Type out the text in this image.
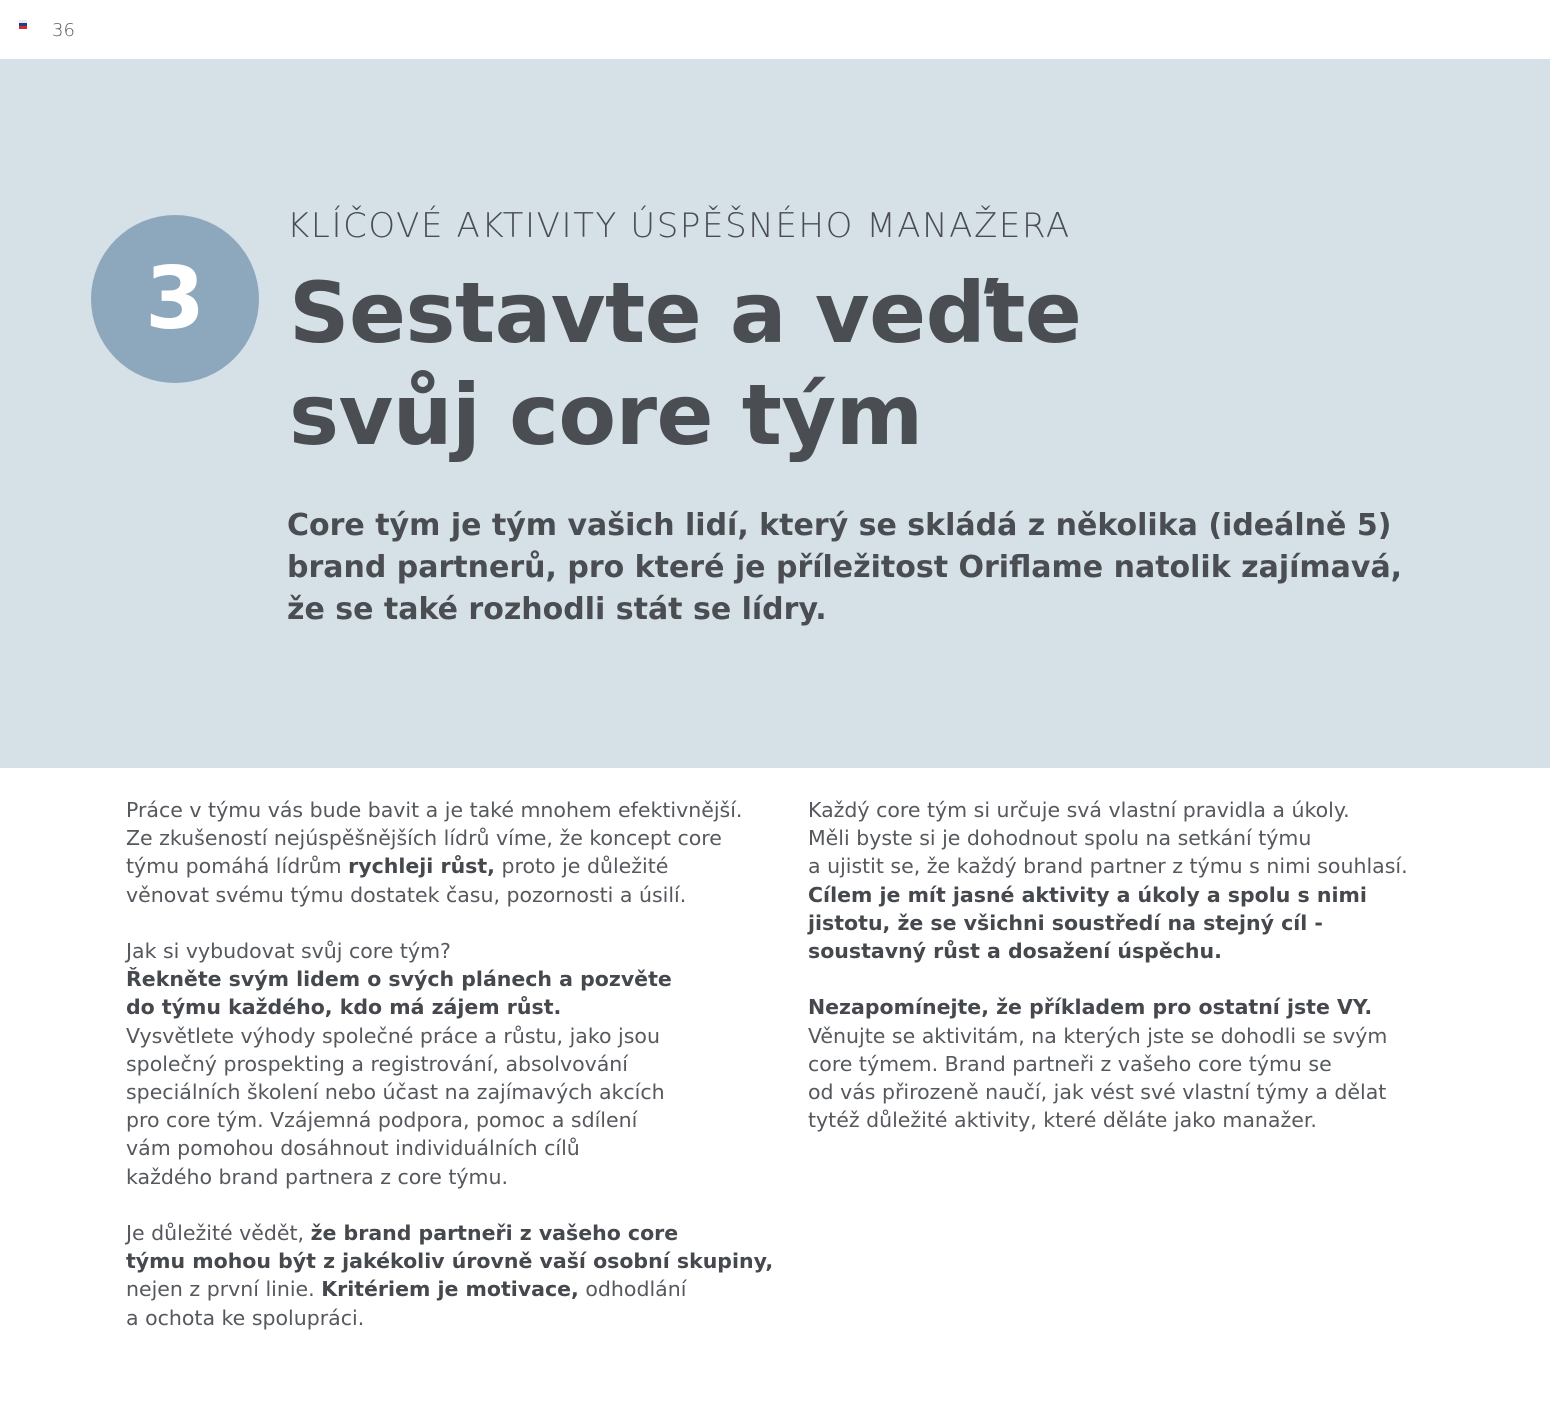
36
3
KLÍČOVÉ AKTIVITY ÚSPĚŠNÉHO MANAŽERA
Sestavte a veďte
svůj core tým

Core tým je tým vašich lidí, který se skládá z několika (ideálně 5)
brand partnerů, pro které je příležitost Oriflame natolik zajímavá,
že se také rozhodli stát se lídry.

Práce v týmu vás bude bavit a je také mnohem efektivnější.
Ze zkušeností nejúspěšnějších lídrů víme, že koncept core
týmu pomáhá lídrům rychleji růst, proto je důležité
věnovat svému týmu dostatek času, pozornosti a úsilí.

Jak si vybudovat svůj core tým?
Řekněte svým lidem o svých plánech a pozvěte
do týmu každého, kdo má zájem růst.
Vysvětlete výhody společné práce a růstu, jako jsou
společný prospekting a registrování, absolvování
speciálních školení nebo účast na zajímavých akcích
pro core tým. Vzájemná podpora, pomoc a sdílení
vám pomohou dosáhnout individuálních cílů
každého brand partnera z core týmu.

Je důležité vědět, že brand partneři z vašeho core
týmu mohou být z jakékoliv úrovně vaší osobní skupiny,
nejen z první linie. Kritériem je motivace, odhodlání
a ochota ke spolupráci.

Každý core tým si určuje svá vlastní pravidla a úkoly.
Měli byste si je dohodnout spolu na setkání týmu
a ujistit se, že každý brand partner z týmu s nimi souhlasí.
Cílem je mít jasné aktivity a úkoly a spolu s nimi
jistotu, že se všichni soustředí na stejný cíl -
soustavný růst a dosažení úspěchu.

Nezapomínejte, že příkladem pro ostatní jste VY.
Věnujte se aktivitám, na kterých jste se dohodli se svým
core týmem. Brand partneři z vašeho core týmu se
od vás přirozeně naučí, jak vést své vlastní týmy a dělat
tytéž důležité aktivity, které děláte jako manažer.
